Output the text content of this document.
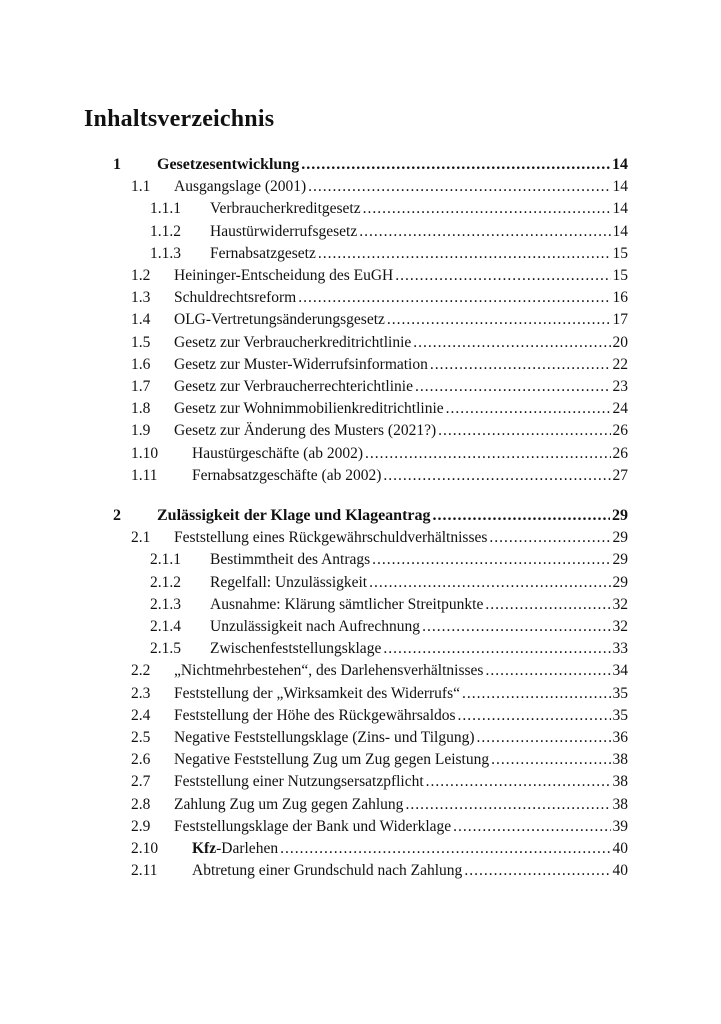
Inhaltsverzeichnis
1	Gesetzesentwicklung .....	14
1.1	Ausgangslage (2001) .....	14
1.1.1	Verbraucherkreditgesetz .....	14
1.1.2	Haustürwiderrufsgesetz .....	14
1.1.3	Fernabsatzgesetz .....	15
1.2	Heininger-Entscheidung des EuGH .....	15
1.3	Schuldrechtsreform .....	16
1.4	OLG-Vertretungsänderungsgesetz .....	17
1.5	Gesetz zur Verbraucherkreditrichtlinie .....	20
1.6	Gesetz zur Muster-Widerrufsinformation .....	22
1.7	Gesetz zur Verbraucherrechterichtlinie .....	23
1.8	Gesetz zur Wohnimmobilienkreditrichtlinie .....	24
1.9	Gesetz zur Änderung des Musters (2021?) .....	26
1.10	Haustürgeschäfte (ab 2002) .....	26
1.11	Fernabsatzgeschäfte (ab 2002) .....	27
2	Zulässigkeit der Klage und Klageantrag .....	29
2.1	Feststellung eines Rückgewährschuldverhältnisses .....	29
2.1.1	Bestimmtheit des Antrags .....	29
2.1.2	Regelfall: Unzulässigkeit .....	29
2.1.3	Ausnahme: Klärung sämtlicher Streitpunkte .....	32
2.1.4	Unzulässigkeit nach Aufrechnung .....	32
2.1.5	Zwischenfeststellungsklage .....	33
2.2	„Nichtmehrbestehen“, des Darlehensverhältnisses .....	34
2.3	Feststellung der „Wirksamkeit des Widerrufs“ .....	35
2.4	Feststellung der Höhe des Rückgewährsaldos .....	35
2.5	Negative Feststellungsklage (Zins- und Tilgung) .....	36
2.6	Negative Feststellung Zug um Zug gegen Leistung .....	38
2.7	Feststellung einer Nutzungsersatzpflicht .....	38
2.8	Zahlung Zug um Zug gegen Zahlung .....	38
2.9	Feststellungsklage der Bank und Widerklage .....	39
2.10	Kfz-Darlehen .....	40
2.11	Abtretung einer Grundschuld nach Zahlung .....	40
